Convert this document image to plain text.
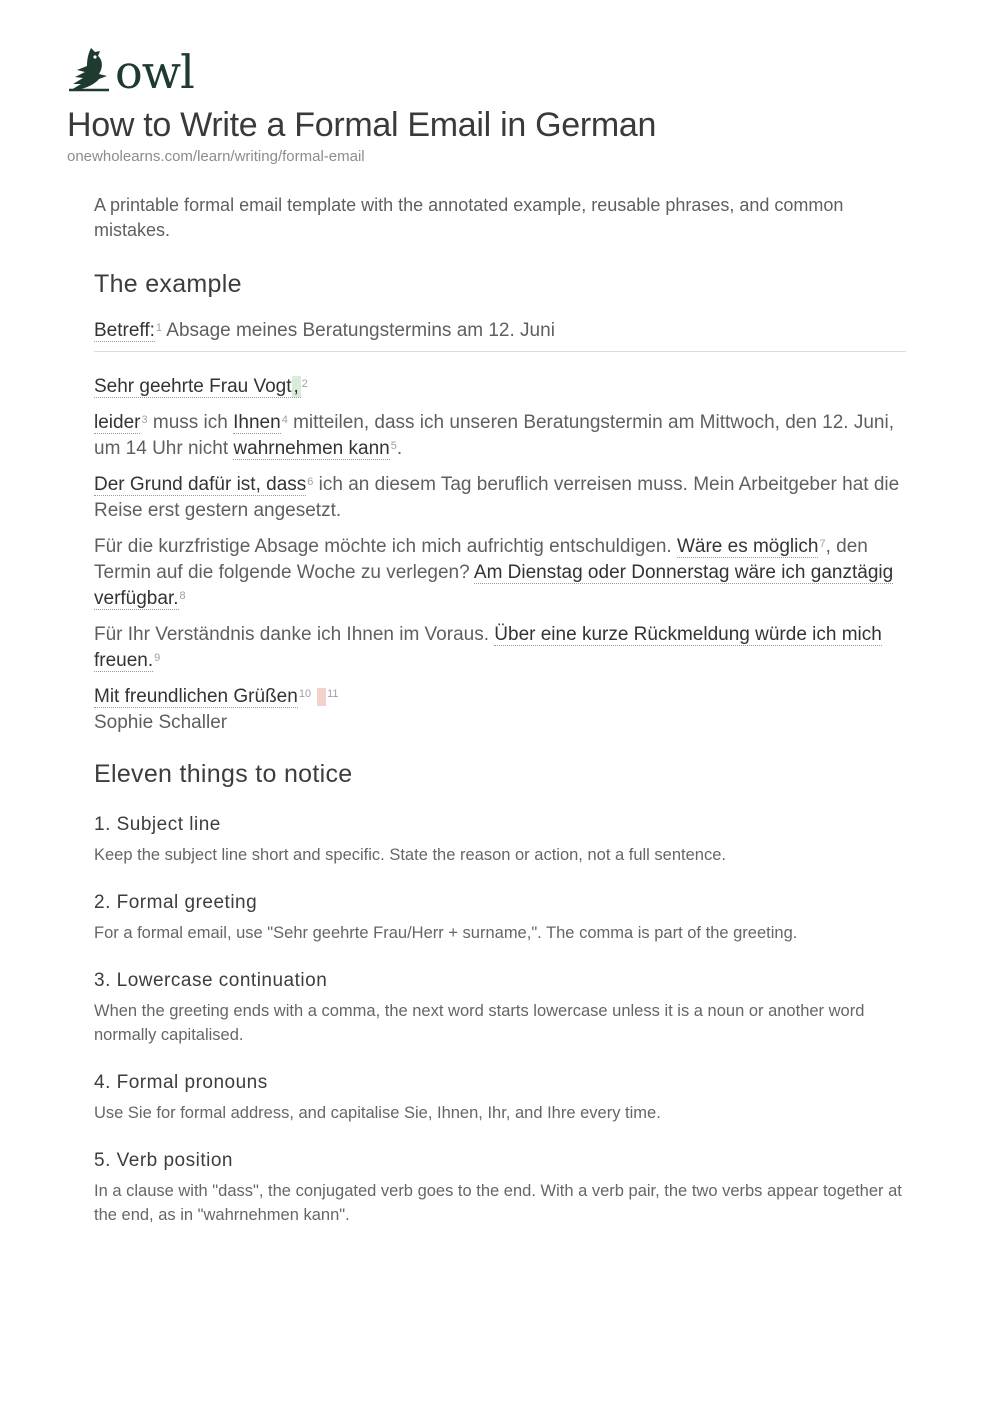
owl
How to Write a Formal Email in German
onewholearns.com/learn/writing/formal-email

A printable formal email template with the annotated example, reusable phrases, and common mistakes.

The example
Betreff:$^1$ Absage meines Beratungstermins am 12. Juni

Sehr geehrte Frau Vogt , $^2$

leider$^3$ muss ich Ihnen$^4$ mitteilen, dass ich unseren Beratungstermin am Mittwoch, den 12. Juni, um 14 Uhr nicht wahrnehmen kann$^5$.

Der Grund dafür ist, dass$^6$ ich an diesem Tag beruflich verreisen muss. Mein Arbeitgeber hat die Reise erst gestern angesetzt.

Für die kurzfristige Absage möchte ich mich aufrichtig entschuldigen. Wäre es möglich$^7$, den Termin auf die folgende Woche zu verlegen? Am Dienstag oder Donnerstag wäre ich ganztägig verfügbar.$^8$

Für Ihr Verständnis danke ich Ihnen im Voraus. Über eine kurze Rückmeldung würde ich mich freuen.$^9$

Mit freundlichen Grüßen$^{10}$ $^{11}$
Sophie Schaller

Eleven things to notice
1. Subject line

Keep the subject line short and specific. State the reason or action, not a full sentence.

2. Formal greeting

For a formal email, use "Sehr geehrte Frau/Herr + surname,". The comma is part of the greeting.

3. Lowercase continuation

When the greeting ends with a comma, the next word starts lowercase unless it is a noun or another word normally capitalised.

4. Formal pronouns

Use Sie for formal address, and capitalise Sie, Ihnen, Ihr, and Ihre every time.

5. Verb position

In a clause with "dass", the conjugated verb goes to the end. With a verb pair, the two verbs appear together at the end, as in "wahrnehmen kann".
